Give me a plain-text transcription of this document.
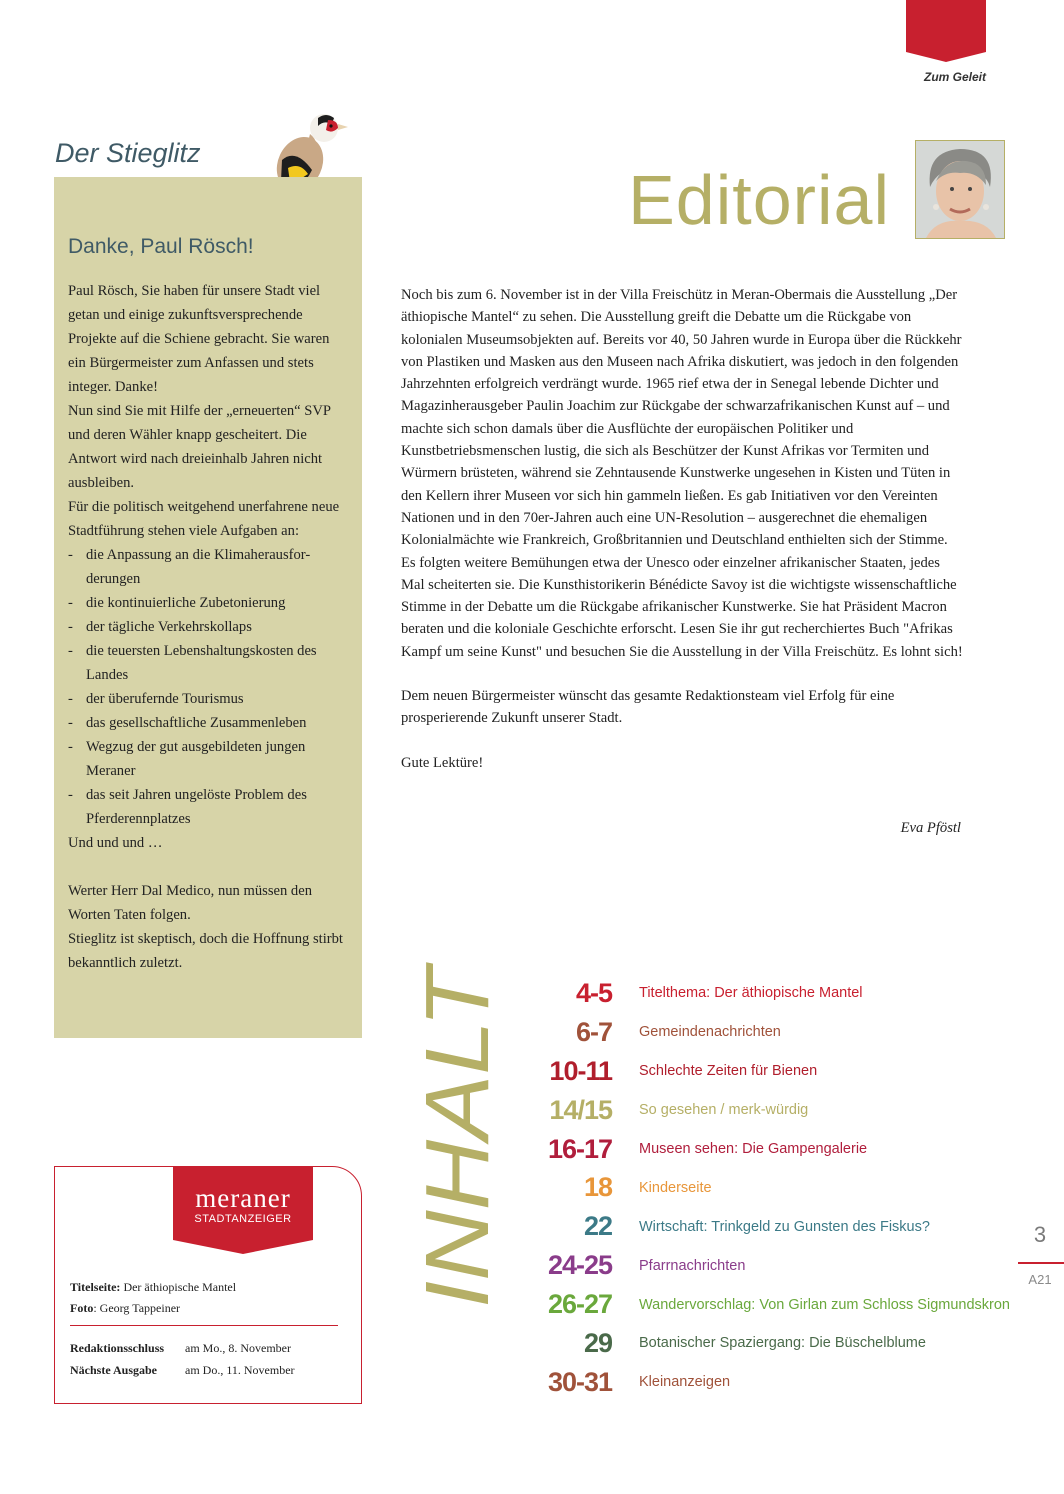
Zum Geleit
Der Stieglitz
Danke, Paul Rösch!

Paul Rösch, Sie haben für unsere Stadt viel getan und einige zukunftsversprechende Projekte auf die Schiene gebracht. Sie waren ein Bürgermeister zum Anfassen und stets integer. Danke!

Nun sind Sie mit Hilfe der „erneuerten“ SVP und deren Wähler knapp gescheitert. Die Antwort wird nach dreieinhalb Jahren nicht ausbleiben.

Für die politisch weitgehend unerfahrene neue Stadtführung stehen viele Aufgaben an:

- die Anpassung an die Klimaherausfor-derungen
- die kontinuierliche Zubetonierung
- der tägliche Verkehrskollaps
- die teuersten Lebenshaltungskosten des Landes
- der überufernde Tourismus
- das gesellschaftliche Zusammenleben
- Wegzug der gut ausgebildeten jungen Meraner
- das seit Jahren ungelöste Problem des Pferderennplatzes

Und und und …

Werter Herr Dal Medico, nun müssen den Worten Taten folgen.

Stieglitz ist skeptisch, doch die Hoffnung stirbt bekanntlich zuletzt.

Editorial

Noch bis zum 6. November ist in der Villa Freischütz in Meran-Obermais die Ausstellung „Der äthiopische Mantel“ zu sehen. Die Ausstellung greift die Debatte um die Rückgabe von kolonialen Museumsobjekten auf. Bereits vor 40, 50 Jahren wurde in Europa über die Rückkehr von Plastiken und Masken aus den Museen nach Afrika diskutiert, was jedoch in den folgenden Jahrzehnten erfolgreich verdrängt wurde. 1965 rief etwa der in Senegal lebende Dichter und Magazinherausgeber Paulin Joachim zur Rückgabe der schwarzafrikanischen Kunst auf – und machte sich schon damals über die Ausflüchte der europäischen Politiker und Kunstbetriebsmenschen lustig, die sich als Beschützer der Kunst Afrikas vor Termiten und Würmern brüsteten, während sie Zehntausende Kunstwerke ungesehen in Kisten und Tüten in den Kellern ihrer Museen vor sich hin gammeln ließen. Es gab Initiativen vor den Vereinten Nationen und in den 70er-Jahren auch eine UN-Resolution – ausgerechnet die ehemaligen Kolonialmächte wie Frankreich, Großbritannien und Deutschland enthielten sich der Stimme. Es folgten weitere Bemühungen etwa der Unesco oder einzelner afrikanischer Staaten, jedes Mal scheiterten sie. Die Kunsthistorikerin Bénédicte Savoy ist die wichtigste wissenschaftliche Stimme in der Debatte um die Rückgabe afrikanischer Kunstwerke. Sie hat Präsident Macron beraten und die koloniale Geschichte erforscht. Lesen Sie ihr gut recherchiertes Buch "Afrikas Kampf um seine Kunst" und besuchen Sie die Ausstellung in der Villa Freischütz. Es lohnt sich!

Dem neuen Bürgermeister wünscht das gesamte Redaktionsteam viel Erfolg für eine prosperierende Zukunft unserer Stadt.

Gute Lektüre!

Eva Pföstl
INHALT
4-5 Titelthema: Der äthiopische Mantel
6-7 Gemeindenachrichten
10-11 Schlechte Zeiten für Bienen
14/15 So gesehen / merk-würdig
16-17 Museen sehen: Die Gampengalerie
18 Kinderseite
22 Wirtschaft: Trinkgeld zu Gunsten des Fiskus?
24-25 Pfarrnachrichten
26-27 Wandervorschlag: Von Girlan zum Schloss Sigmundskron
29 Botanischer Spaziergang: Die Büschelblume
30-31 Kleinanzeigen
3
A21
meraner
STADTANZEIGER
Titelseite: Der äthiopische Mantel
Foto: Georg Tappeiner
Redaktionsschluss	am Mo., 8. November
Nächste Ausgabe	am Do., 11. November
